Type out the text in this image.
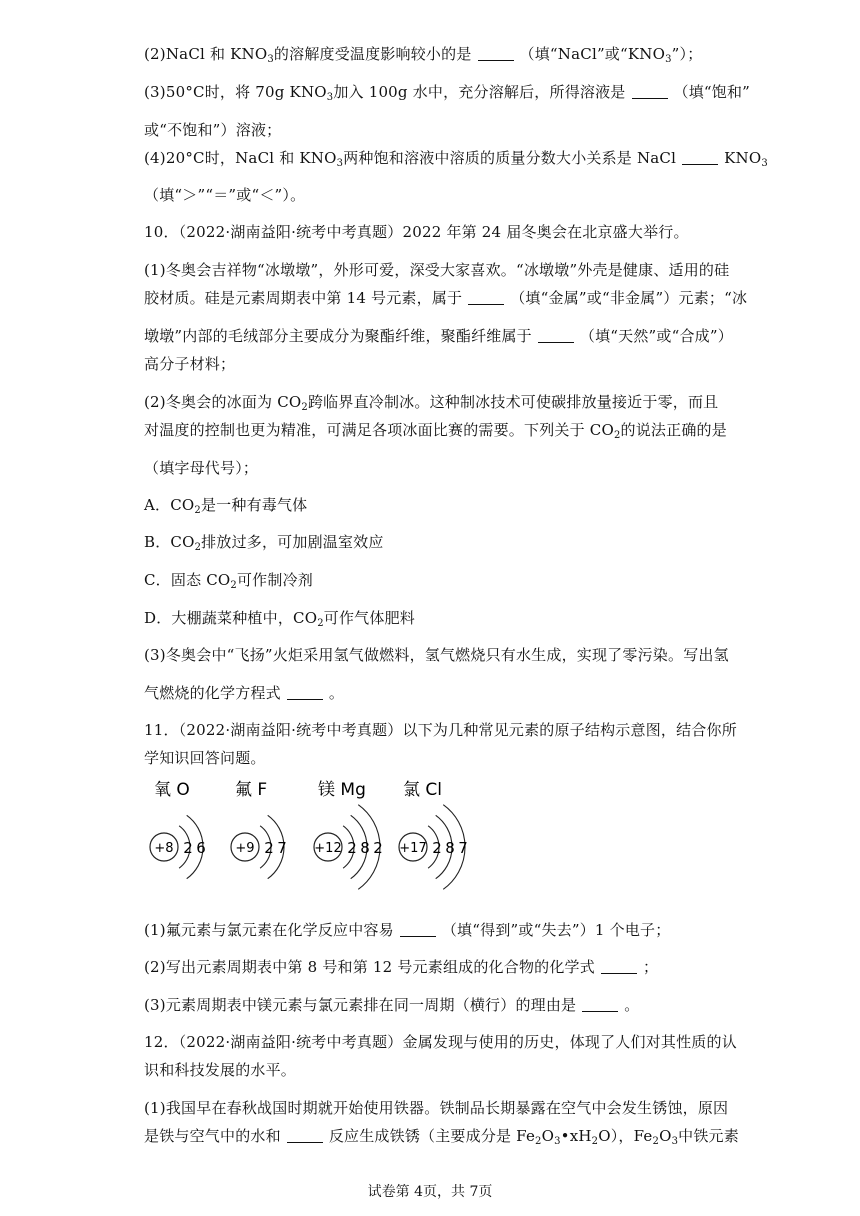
(2)NaCl 和 $KNO_3$的溶解度受温度影响较小的是	（填“NaCl”或“$KNO_3$”）；
(3)50°C时，将 70g $KNO_3$加入 100g 水中，充分溶解后，所得溶液是	（填“饱和”
或“不饱和”）溶液；
(4)20°C时，NaCl 和 $KNO_3$两种饱和溶液中溶质的质量分数大小关系是 NaCl	$KNO_3$
（填“＞”“＝”或“＜”）。
10．（2022·湖南益阳·统考中考真题）2022 年第 24 届冬奥会在北京盛大举行。
(1)冬奥会吉祥物“冰墩墩”，外形可爱，深受大家喜欢。“冰墩墩”外壳是健康、适用的硅
胶材质。硅是元素周期表中第 14 号元素，属于	（填“金属”或“非金属”）元素；“冰
墩墩”内部的毛绒部分主要成分为聚酯纤维，聚酯纤维属于	（填“天然”或“合成”）
高分子材料；
(2)冬奥会的冰面为 $CO_2$跨临界直冷制冰。这种制冰技术可使碳排放量接近于零，而且
对温度的控制也更为精准，可满足各项冰面比赛的需要。下列关于 $CO_2$的说法正确的是
（填字母代号）；
A．$CO_2$是一种有毒气体
B．$CO_2$排放过多，可加剧温室效应
C．固态 $CO_2$可作制冷剂
D．大棚蔬菜种植中，$CO_2$可作气体肥料
(3)冬奥会中“飞扬”火炬采用氢气做燃料，氢气燃烧只有水生成，实现了零污染。写出氢
气燃烧的化学方程式	。
11．（2022·湖南益阳·统考中考真题）以下为几种常见元素的原子结构示意图，结合你所
学知识回答问题。
(1)氟元素与氯元素在化学反应中容易	（填“得到”或“失去”）1 个电子；
(2)写出元素周期表中第 8 号和第 12 号元素组成的化合物的化学式	；
(3)元素周期表中镁元素与氯元素排在同一周期（横行）的理由是	。
12．（2022·湖南益阳·统考中考真题）金属发现与使用的历史，体现了人们对其性质的认
识和科技发展的水平。
(1)我国早在春秋战国时期就开始使用铁器。铁制品长期暴露在空气中会发生锈蚀，原因
是铁与空气中的水和	反应生成铁锈（主要成分是 $Fe_2O_3•xH_2O$），$Fe_2O_3$中铁元素
氧 O
+8 2 6
氟 F
+9 2 7
镁 Mg
+12 2 8 2
氯 Cl
+17 2 8 7
试卷第 4页，共 7页
